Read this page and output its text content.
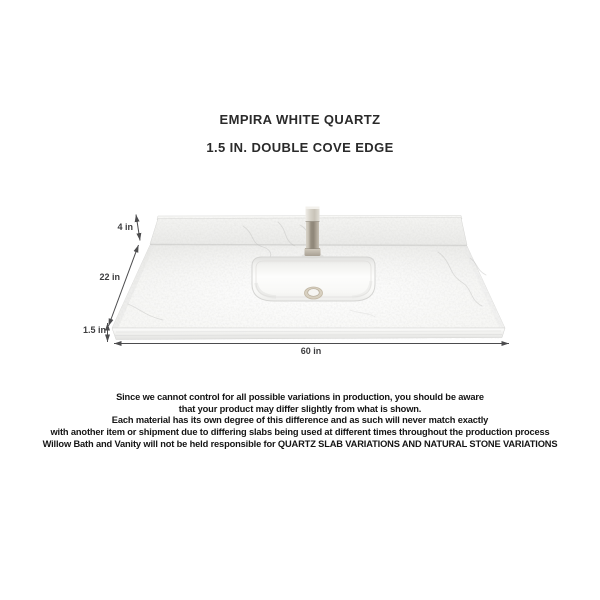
EMPIRA WHITE QUARTZ
1.5 IN. DOUBLE COVE EDGE
4 in
22 in
1.5 in
60 in
Since we cannot control for all possible variations in production, you should be aware
that your product may differ slightly from what is shown.
Each material has its own degree of this difference and as such will never match exactly
with another item or shipment due to differing slabs being used at different times throughout the production process
Willow Bath and Vanity will not be held responsible for QUARTZ SLAB VARIATIONS AND NATURAL STONE VARIATIONS
